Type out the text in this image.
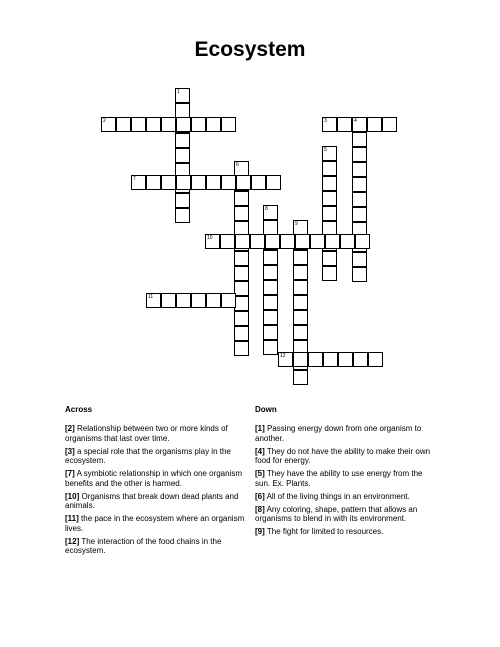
Ecosystem
1
2	3	4
5
6
7
8
9
10
11
12
Across	Down
[2] Relationship between two or more kinds of organisms that last over time.
[3] a special role that the organisms play in the ecosystem.
[7] A symbiotic relationship in which one organism benefits and the other is harmed.
[10] Organisms that break down dead plants and animals.
[11] the pace in the ecosystem where an organism lives.
[12] The interaction of the food chains in the ecosystem.
[1] Passing energy down from one organism to another.
[4] They do not have the ability to make their own food for energy.
[5] They have the ability to use energy from the sun. Ex. Plants.
[6] All of the living things in an environment.
[8] Any coloring, shape, pattern that allows an organisms to blend in with its environment.
[9] The fight for limited to resources.
